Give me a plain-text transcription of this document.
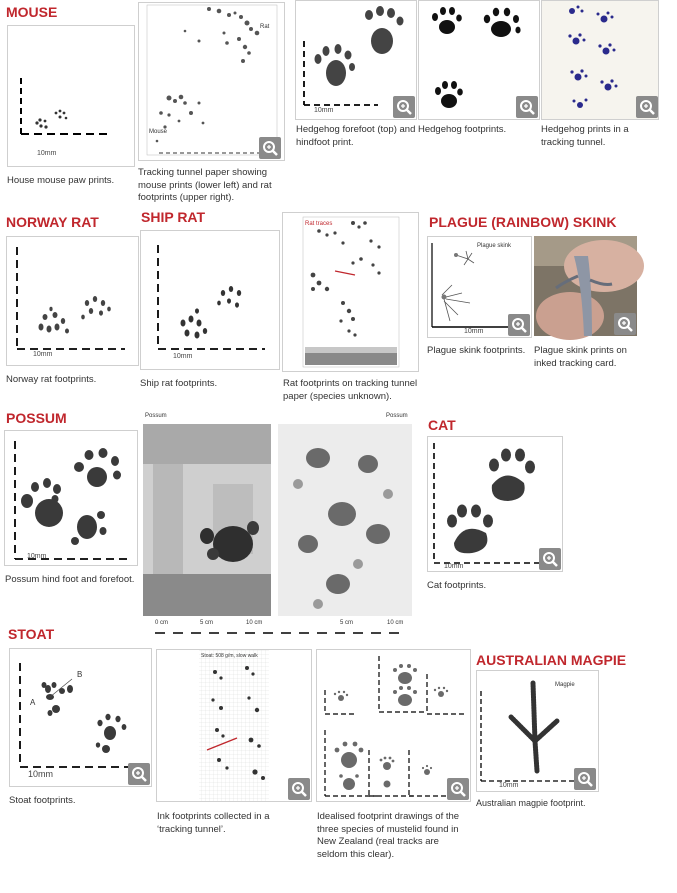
MOUSE
NORWAY RAT	SHIP RAT	PLAGUE (RAINBOW) SKINK
POSSUM	CAT
STOAT
AUSTRALIAN MAGPIE
10mm
House mouse paw prints.
Rat
Mouse
Tracking tunnel paper showing mouse prints (lower left) and rat footprints (upper right).
10mm
Hedgehog forefoot (top) and hindfoot print.
Hedgehog footprints.	Hedgehog prints in a tracking tunnel.
10mm
Norway rat footprints.
10mm
Ship rat footprints.
Rat traces
Rat footprints on tracking tunnel paper (species unknown).
Plague skink
10mm
Plague skink footprints. Plague skink prints on inked tracking card.
10mm
Possum hind foot and forefoot.
Possum	Possum
0 cm	5 cm	10 cm	5 cm	10 cm
10mm
Cat footprints.
A
B
10mm
Stoat footprints.
Stoat: 508 g/m, slow walk
Ink footprints collected in a ‘tracking tunnel’.
Idealised footprint drawings of the three species of mustelid found in New Zealand (real tracks are seldom this clear).
Magpie
10mm
Australian magpie footprint.
